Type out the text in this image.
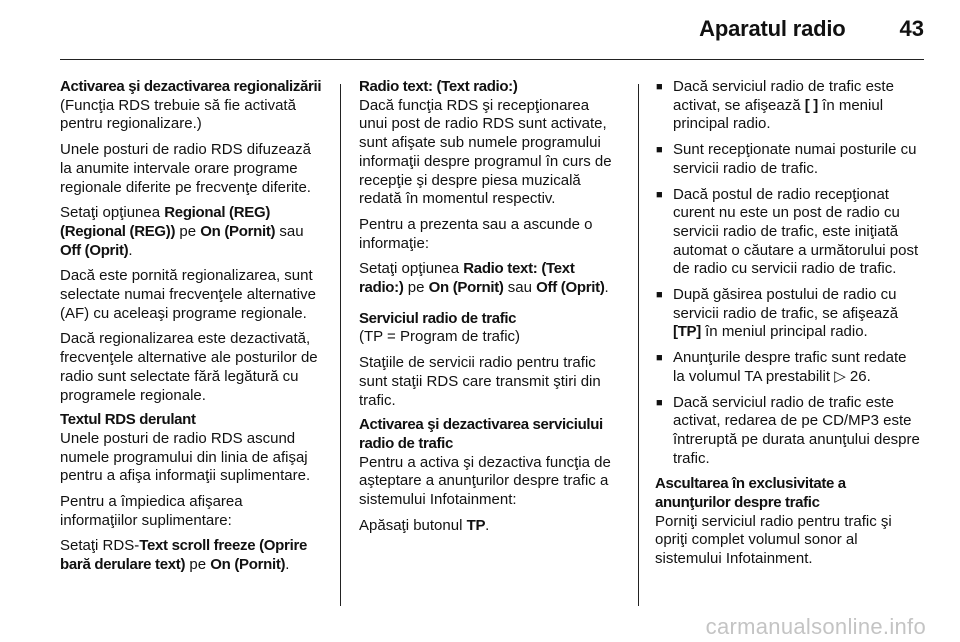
Aparatul radio 43
Activarea şi dezactivarea regionalizării
(Funcţia RDS trebuie să fie activată pentru regionalizare.)
Unele posturi de radio RDS difuzează la anumite intervale orare programe regionale diferite pe frecvenţe diferite.
Setaţi opţiunea Regional (REG) (Regional (REG)) pe On (Pornit) sau Off (Oprit).
Dacă este pornită regionalizarea, sunt selectate numai frecvenţele alternative (AF) cu aceleaşi programe regionale.
Dacă regionalizarea este dezactivată, frecvenţele alternative ale posturilor de radio sunt selectate fără legătură cu programele regionale.
Textul RDS derulant
Unele posturi de radio RDS ascund numele programului din linia de afişaj pentru a afişa informaţii suplimentare.
Pentru a împiedica afişarea informaţiilor suplimentare:
Setaţi RDS-Text scroll freeze (Oprire bară derulare text) pe On (Pornit).
Radio text: (Text radio:)
Dacă funcţia RDS şi recepţionarea unui post de radio RDS sunt activate, sunt afişate sub numele programului informaţii despre programul în curs de recepţie şi despre piesa muzicală redată în momentul respectiv.
Pentru a prezenta sau a ascunde o informaţie:
Setaţi opţiunea Radio text: (Text radio:) pe On (Pornit) sau Off (Oprit).
Serviciul radio de trafic
(TP = Program de trafic)
Staţiile de servicii radio pentru trafic sunt staţii RDS care transmit ştiri din trafic.
Activarea şi dezactivarea serviciului radio de trafic
Pentru a activa şi dezactiva funcţia de aşteptare a anunţurilor despre trafic a sistemului Infotainment:
Apăsaţi butonul TP.
■ Dacă serviciul radio de trafic este activat, se afişează [ ] în meniul principal radio.
■ Sunt recepţionate numai posturile cu servicii radio de trafic.
■ Dacă postul de radio recepţionat curent nu este un post de radio cu servicii radio de trafic, este iniţiată automat o căutare a următorului post de radio cu servicii radio de trafic.
■ După găsirea postului de radio cu servicii radio de trafic, se afişează [TP] în meniul principal radio.
■ Anunţurile despre trafic sunt redate la volumul TA prestabilit ▷ 26.
■ Dacă serviciul radio de trafic este activat, redarea de pe CD/MP3 este întreruptă pe durata anunţului despre trafic.
Ascultarea în exclusivitate a anunţurilor despre trafic
Porniţi serviciul radio pentru trafic şi opriţi complet volumul sonor al sistemului Infotainment.
carmanualsonline.info
